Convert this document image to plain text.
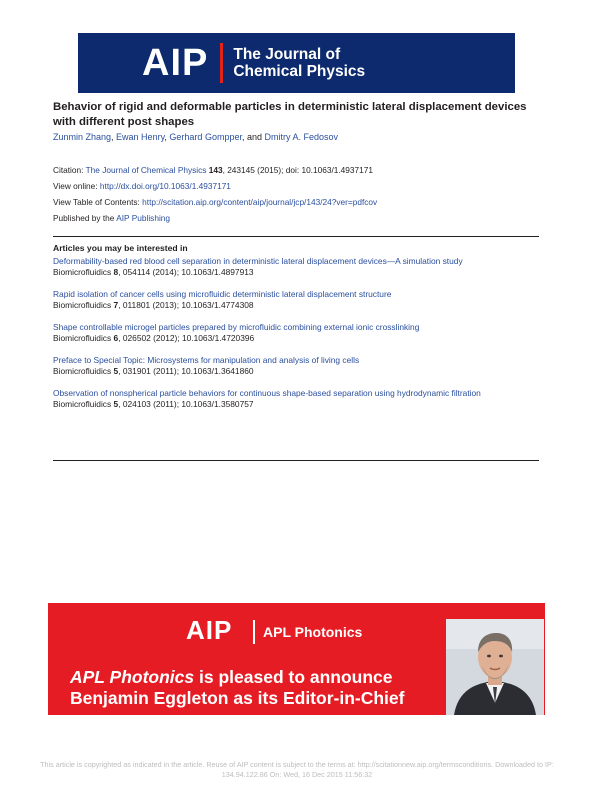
AIP The Journal of
Chemical Physics
Behavior of rigid and deformable particles in deterministic lateral displacement devices with different post shapes
Zunmin Zhang, Ewan Henry, Gerhard Gompper, and Dmitry A. Fedosov
Citation: The Journal of Chemical Physics 143, 243145 (2015); doi: 10.1063/1.4937171
View online: http://dx.doi.org/10.1063/1.4937171
View Table of Contents: http://scitation.aip.org/content/aip/journal/jcp/143/24?ver=pdfcov
Published by the AIP Publishing
Articles you may be interested in
Deformability-based red blood cell separation in deterministic lateral displacement devices—A simulation study
Biomicrofluidics 8, 054114 (2014); 10.1063/1.4897913
Rapid isolation of cancer cells using microfluidic deterministic lateral displacement structure
Biomicrofluidics 7, 011801 (2013); 10.1063/1.4774308
Shape controllable microgel particles prepared by microfluidic combining external ionic crosslinking
Biomicrofluidics 6, 026502 (2012); 10.1063/1.4720396
Preface to Special Topic: Microsystems for manipulation and analysis of living cells
Biomicrofluidics 5, 031901 (2011); 10.1063/1.3641860
Observation of nonspherical particle behaviors for continuous shape-based separation using hydrodynamic filtration
Biomicrofluidics 5, 024103 (2011); 10.1063/1.3580757
AIP APL Photonics
APL Photonics is pleased to announce
Benjamin Eggleton as its Editor-in-Chief
This article is copyrighted as indicated in the article. Reuse of AIP content is subject to the terms at: http://scitationnew.aip.org/termsconditions. Downloaded to IP:
134.94.122.86 On: Wed, 16 Dec 2015 11:56:32
